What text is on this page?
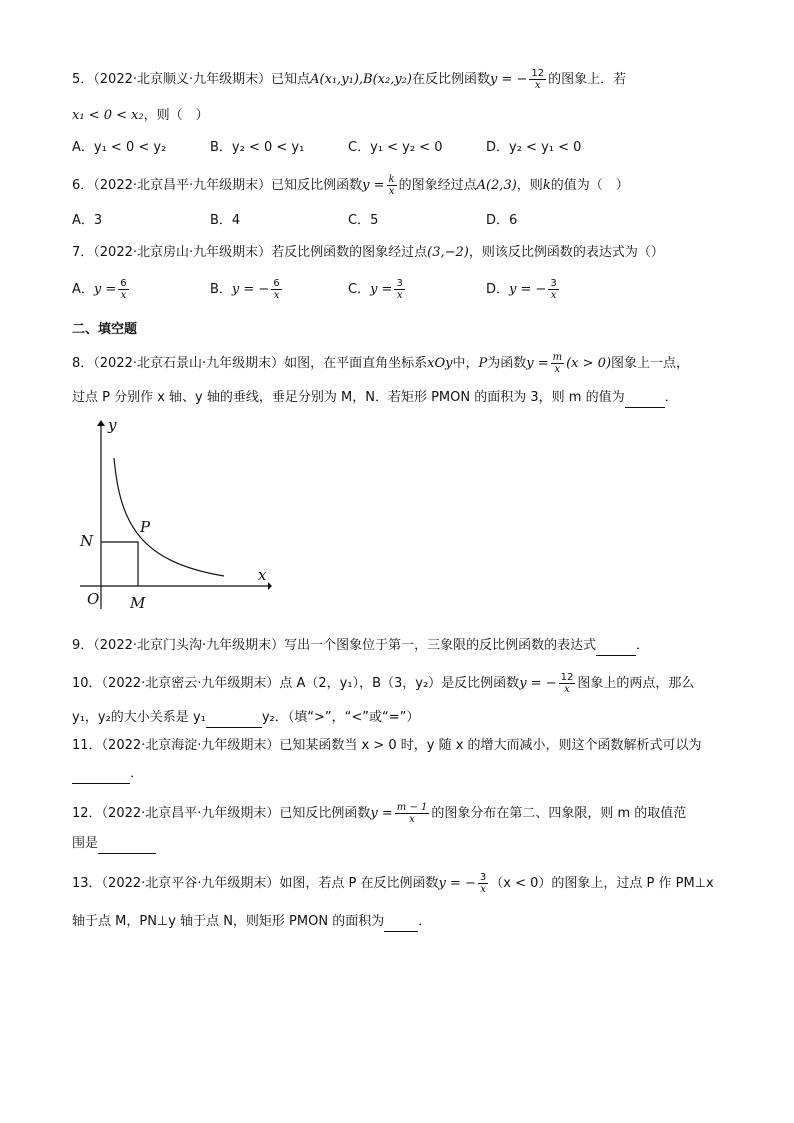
5．（2022·北京顺义·九年级期末）已知点A(x₁,y₁),B(x₂,y₂)在反比例函数y = − $\frac{12}{x}$ 的图象上．若
x₁ < 0 < x₂，则（　）
A．y₁ < 0 < y₂	B．y₂ < 0 < y₁	C．y₁ < y₂ < 0	D．y₂ < y₁ < 0
6．（2022·北京昌平·九年级期末）已知反比例函数$y = \frac{k}{x}$ 的图象经过点A(2,3)，则k的值为（　）
A．3	B．4	C．5	D．6
7．（2022·北京房山·九年级期末）若反比例函数的图象经过点(3,−2)，则该反比例函数的表达式为（）
A．$y = \frac{6}{x}$	B．y = − $\frac{6}{x}$	C．$y = \frac{3}{x}$	D．y = − $\frac{3}{x}$
二、填空题
8．（2022·北京石景山·九年级期末）如图，在平面直角坐标系xOy中，P为函数$y = \frac{m}{x} (x > 0)$图象上一点，
过点 P 分别作 x 轴、y 轴的垂线，垂足分别为 M，N．若矩形 PMON 的面积为 3，则 m 的值为	．
y
x
O
N
M
P
9．（2022·北京门头沟·九年级期末）写出一个图象位于第一，三象限的反比例函数的表达式	．
10．（2022·北京密云·九年级期末）点 A（2，y₁），B（3，y₂）是反比例函数y = − $\frac{12}{x}$ 图象上的两点，那么
y₁，y₂的大小关系是 y₁	y₂．（填“>”，“<”或“=”）
11．（2022·北京海淀·九年级期末）已知某函数当 x > 0 时，y 随 x 的增大而减小，则这个函数解析式可以为
．
12．（2022·北京昌平·九年级期末）已知反比例函数$y = \frac{m - 1}{x}$ 的图象分布在第二、四象限，则 m 的取值范
围是
13．（2022·北京平谷·九年级期末）如图，若点 P 在反比例函数y = − $\frac{3}{x} (x < 0)$的图象上，过点 P 作 PM⊥x
轴于点 M，PN⊥y 轴于点 N，则矩形 PMON 的面积为	．
